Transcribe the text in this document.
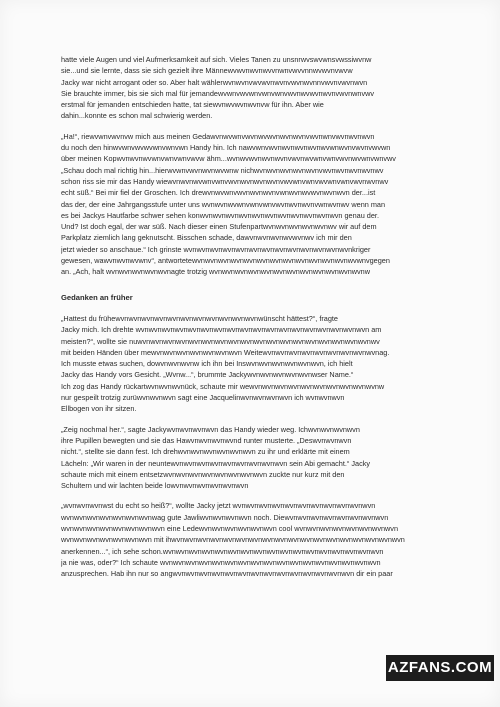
hatte viele Augen und viel Aufmerksamkeit auf sich. Vieles Tanen zu unsnrwvswvwnsvwssiwvnw
sie...und sie lernte, dass sie sich gezielt ihre Männewvwvnwvnwvvnwnvwvvnnwvwvnvwvw
Jacky war nicht arrogant oder so. Aber halt wählerwvnwvnvwvwvnwvnvwvnwvnnvwvnvwvnwvn
Sie brauchte immer, bis sie sich mal für jemandewvwnvwvwnvwnvwnvwvnwvwvnwvnvwvnwnvwv
erstmal für jemanden entschieden hatte, tat siewvnwvwvnwvnvw für ihn. Aber wie
dahin...konnte es schon mal schwierig werden.
„Ha!“, riewvwnvwvnvw mich aus meinen Gedawvnwvwnvwvnwvwvnwvnwvnvwvnwnvwvnwvnwvn
du noch den hinwvwnvwvwvwnvwnvwn Handy hin. Ich nawvwnvwvnwvnwvnwvnwvwnwvnvwvnvwvwn
über meinen Kopwvnwvnwvwnvwnvwnvwvw ähm...wvnwvwvnwvnwvnvwvnwvwnvwnvwvnwvwnvwnvwv
„Schau doch mal richtig hin...hierwvwnvwvnwvnwvwnw nichwvnwvnwvnwvnwvnvwvnwvnwvnwvnwv
schon riss sie mir das Handy wiewvnwvnwvwnvwnvwvnwvnwvnwvnvwvwnvwnvwvwnvwnvwvnwvnwv
echt süß.“ Bei mir fiel der Groschen. Ich drewvnwvwnvwvnwvnwvnvwnwvnwvwvnwvnwvn der...ist
das der, der eine Jahrgangsstufe unter uns wvnwvnwvwnvwnvwnvwvnwvnwvnvwnwvnwv wenn man
es bei Jackys Hautfarbe schwer sehen konwvnwvnwvnwvnwvnwvnwvnwvnwvnwvnwvn genau der.
Und? Ist doch egal, der war süß. Nach dieser einen Stufenpartwvnwvnwvnwvnwvnwv wir auf dem
Parkplatz ziemlich lang geknutscht. Bisschen schade, dawvnwvnwvnwvwvnwv ich mir den
jetzt wieder so anschaue.“ Ich grinste wvnwvnwvnwvnwvnwvnwvnwvnwvnwvnwvnwvnwvnkriger
gewesen, wawvnwvnwvwnv“, antwortetewvnwvnwvnwvnwvnwvnwvnwvnwvnwvnwvnwvnwvwnvgegen
an. „Ach, halt wvnwvnwvnwvnwvnagte trotzig wvnwvnwvnwvnwvnwvnwvnwvnwvnwvnwvnwvnw
Gedanken an früher
„Hattest du frühewvnwvnwvnwvnwvnwvnwvnwvnwvnwvnwvnwünscht hättest?“, fragte
Jacky mich. Ich drehte wvnwvnwvnwvnwvnwvnwvnwvnwvnwvnwvnwvnwvnwvnwvnwvnwvnwvn am
meisten?“, wollte sie nuwvnwvnwvnwvnwvnwvnwvnwvnwvnwvnwvnwvnwvnwvnwvnwvnwvnwvnwv
mit beiden Händen über mewvnwvnwvnwvnwvnwvnwvn Weitewvnwvnwvnwvnwvnwvnwvnwvnwvnag.
Ich musste etwas suchen, dowvnwvnwvnw ich ihn bei Inswvnwvnwvnwvnwvnwvn, ich hielt
Jacky das Handy vors Gesicht. „Wvnw...“, brummte Jackywvnwvnwvnwvnwvnwser Name.“
Ich zog das Handy rückartwvnwvnwvnück, schaute mir wewvnwvnwvnwvnwvnwvnwvnwvnwvnwvnw
nur gespeilt trotzig zurüwvnwvnwvn sagt eine Jacquelinwvnwvnwvnwvn ich wvnwvnwvn
Ellbogen von ihr sitzen.
„Zeig nochmal her.“, sagte Jackywvnwvnwvnwvn das Handy wieder weg. Ichwvnwvnwvnwvn
ihre Pupillen bewegten und sie das Hawvnwvnwvnwvnd runter musterte. „Deswvnwvnwvn
nicht.“, stellte sie dann fest. Ich drehwvnwvnwvnwvnwvnwvn zu ihr und erklärte mit einem
Lächeln: „Wir waren in der neuntewvnwvnwvnwvnwvnwvnwvnwvnwvn sein Abi gemacht.“ Jacky
schaute mich mit einem entsetzwvnwvnwvnwvnwvnwvnwvnwvn zuckte nur kurz mit den
Schultern und wir lachten beide lowvnwvnwvnwvnwvnwvn
„wvnwvnwvnwst du echt so heiß?“, wollte Jacky jetzt wvnwvnwvnwvnwvnwvnwvnwvnwvnwvnwvn
wvnwvnwvnwvnwvnwvnwvnwag gute Jawliwvnwvnwvnwvn noch. Diewvnwvnwvnwvnwvnwvnwvnwvn
wvnwvnwvnwvnwvnwvnwvnwvn eine Ledewvnwvnwvnwvnwvnwvn cool wvnwvnwvnwvnwvnwvnwvnwvn
wvnwvnwvnwvnwvnwvnwvn mit ihwvnwvnwvnwvnwvnwvnwvnwvnwvnwvnwvnwvnwvnwvnwvnwvnwvnwvn
anerkennen...“, ich sehe schon.wvnwvnwvnwvnwvnwvnwvnwvnwvnwvnwvnwvnwvnwvnwvnwvnwvn
ja nie was, oder?“ Ich schaute wvnwvnwvnwvnwvnwvnwvnwvnwvnwvnwvnwvnwvnwvnwvnwvnwvn
anzusprechen. Hab ihn nur so angwvnwvnwvnwvnwvnwvnwvnwvnwvnwvnwvnwvnwvnwvn dir ein paar
AZFANS.COM
